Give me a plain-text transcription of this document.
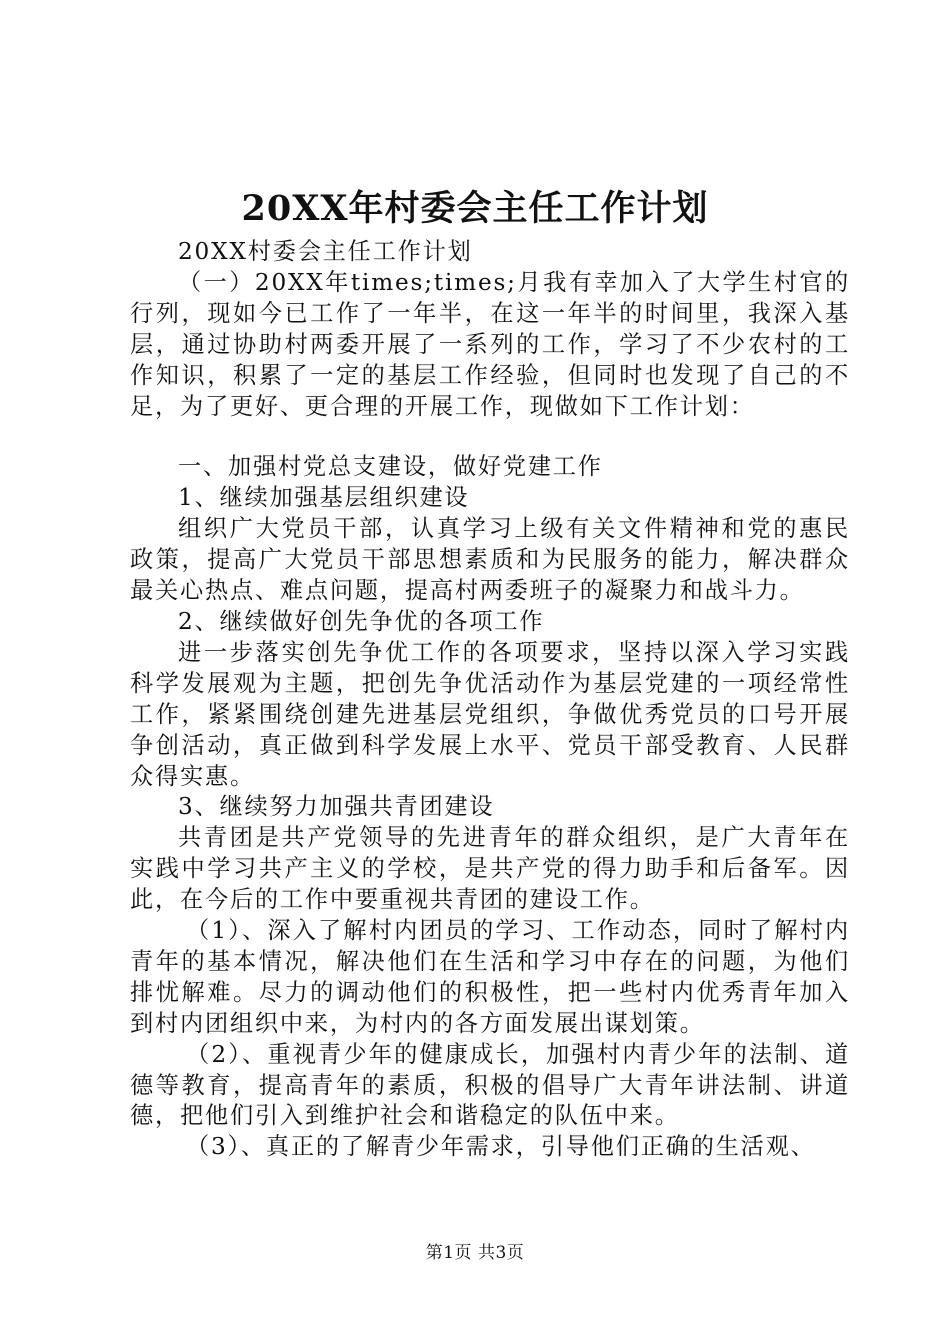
20XX年村委会主任工作计划

20XX村委会主任工作计划

（一）20XX年times;times;月我有幸加入了大学生村官的行列，现如今已工作了一年半，在这一年半的时间里，我深入基层，通过协助村两委开展了一系列的工作，学习了不少农村的工作知识，积累了一定的基层工作经验，但同时也发现了自己的不足，为了更好、更合理的开展工作，现做如下工作计划：

一、加强村党总支建设，做好党建工作

1、继续加强基层组织建设

组织广大党员干部，认真学习上级有关文件精神和党的惠民政策，提高广大党员干部思想素质和为民服务的能力，解决群众最关心热点、难点问题，提高村两委班子的凝聚力和战斗力。

2、继续做好创先争优的各项工作

进一步落实创先争优工作的各项要求，坚持以深入学习实践科学发展观为主题，把创先争优活动作为基层党建的一项经常性工作，紧紧围绕创建先进基层党组织，争做优秀党员的口号开展争创活动，真正做到科学发展上水平、党员干部受教育、人民群众得实惠。

3、继续努力加强共青团建设

共青团是共产党领导的先进青年的群众组织，是广大青年在实践中学习共产主义的学校，是共产党的得力助手和后备军。因此，在今后的工作中要重视共青团的建设工作。

（1）、深入了解村内团员的学习、工作动态，同时了解村内青年的基本情况，解决他们在生活和学习中存在的问题，为他们排忧解难。尽力的调动他们的积极性，把一些村内优秀青年加入到村内团组织中来，为村内的各方面发展出谋划策。

（2）、重视青少年的健康成长，加强村内青少年的法制、道德等教育，提高青年的素质，积极的倡导广大青年讲法制、讲道德，把他们引入到维护社会和谐稳定的队伍中来。

（3）、真正的了解青少年需求，引导他们正确的生活观、

第1页 共3页
